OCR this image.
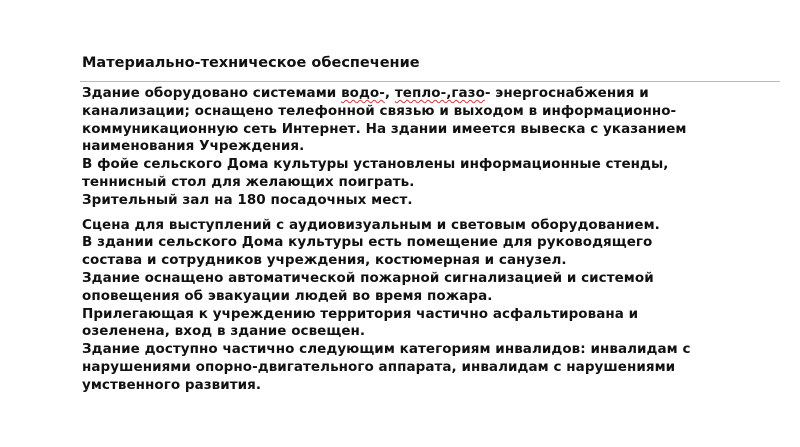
Материально-техническое обеспечение
Здание оборудовано системами водо-, тепло-,газо- энергоснабжения и
канализации; оснащено телефонной связью и выходом в информационно-
коммуникационную сеть Интернет. На здании имеется вывеска с указанием
наименования Учреждения.
В фойе сельского Дома культуры установлены информационные стенды,
теннисный стол для желающих поиграть.
Зрительный зал на 180 посадочных мест.
Сцена для выступлений с аудиовизуальным и световым оборудованием.
В здании сельского Дома культуры есть помещение для руководящего
состава и сотрудников учреждения, костюмерная и санузел.
Здание оснащено автоматической пожарной сигнализацией и системой
оповещения об эвакуации людей во время пожара.
Прилегающая к учреждению территория частично асфальтирована и
озеленена, вход в здание освещен.
Здание доступно частично следующим категориям инвалидов: инвалидам с
нарушениями опорно-двигательного аппарата, инвалидам с нарушениями
умственного развития.
